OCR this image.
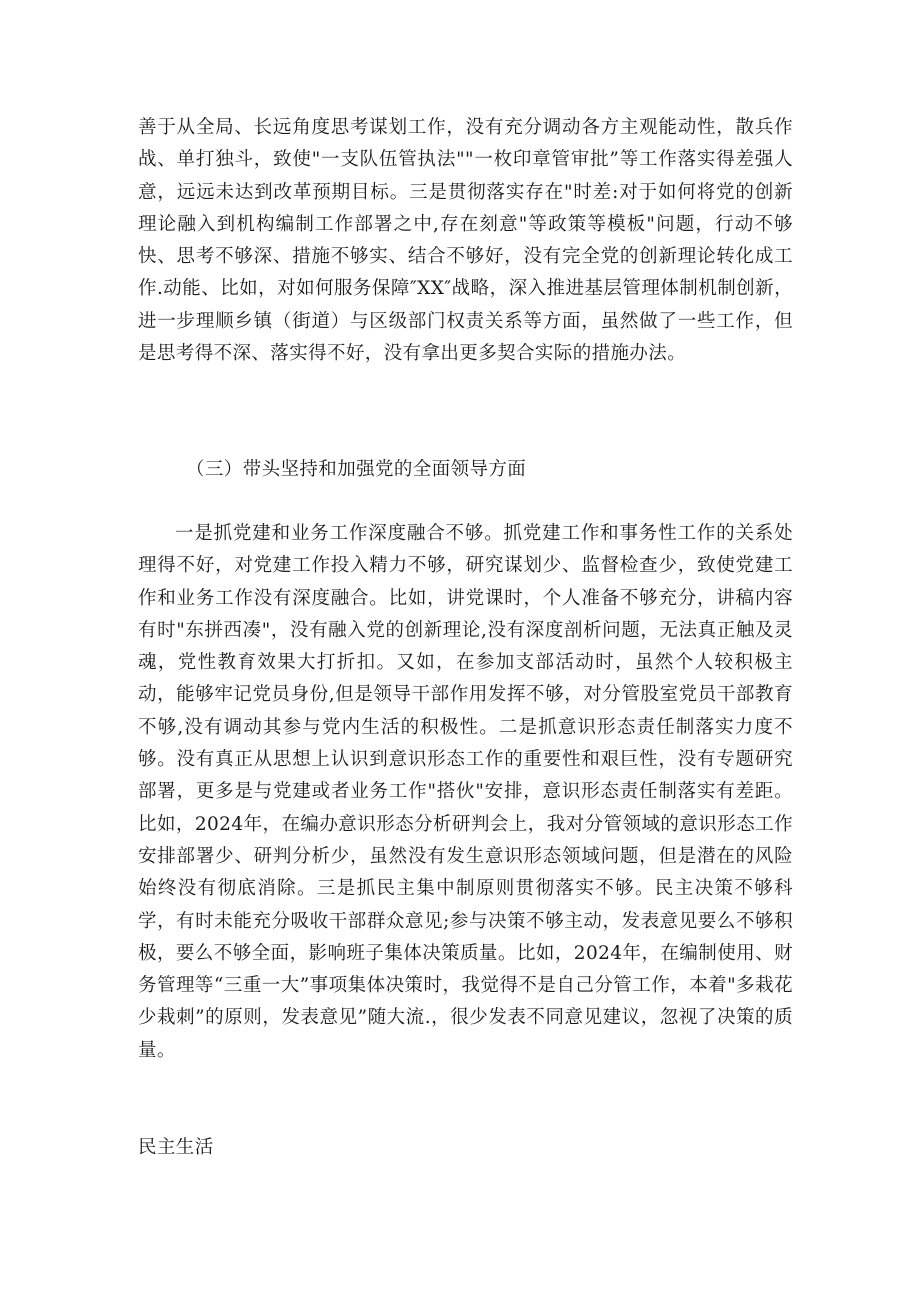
善于从全局、长远角度思考谋划工作，没有充分调动各方主观能动性，散兵作战、单打独斗，致使"一支队伍管执法""一枚印章管审批”等工作落实得差强人意，远远未达到改革预期目标。三是贯彻落实存在"时差:对于如何将党的创新理论融入到机构编制工作部署之中,存在刻意"等政策等模板"问题，行动不够快、思考不够深、措施不够实、结合不够好，没有完全党的创新理论转化成工作.动能、比如，对如何服务保障″XX″战略，深入推进基层管理体制机制创新，进一步理顺乡镇（街道）与区级部门权责关系等方面，虽然做了一些工作，但是思考得不深、落实得不好，没有拿出更多契合实际的措施办法。

（三）带头坚持和加强党的全面领导方面

一是抓党建和业务工作深度融合不够。抓党建工作和事务性工作的关系处理得不好，对党建工作投入精力不够，研究谋划少、监督检查少，致使党建工作和业务工作没有深度融合。比如，讲党课时，个人准备不够充分，讲稿内容有时"东拼西凑"，没有融入党的创新理论,没有深度剖析问题，无法真正触及灵魂，党性教育效果大打折扣。又如，在参加支部活动时，虽然个人较积极主动，能够牢记党员身份,但是领导干部作用发挥不够，对分管股室党员干部教育不够,没有调动其参与党内生活的积极性。二是抓意识形态责任制落实力度不够。没有真正从思想上认识到意识形态工作的重要性和艰巨性，没有专题研究部署，更多是与党建或者业务工作"搭伙"安排，意识形态责任制落实有差距。比如，2024年，在编办意识形态分析研判会上，我对分管领域的意识形态工作安排部署少、研判分析少，虽然没有发生意识形态领域问题，但是潜在的风险始终没有彻底消除。三是抓民主集中制原则贯彻落实不够。民主决策不够科学，有时未能充分吸收干部群众意见;参与决策不够主动，发表意见要么不够积极，要么不够全面，影响班子集体决策质量。比如，2024年，在编制使用、财务管理等“三重一大”事项集体决策时，我觉得不是自己分管工作，本着"多栽花少栽刺”的原则，发表意见”随大流.，很少发表不同意见建议，忽视了决策的质量。

民主生活
